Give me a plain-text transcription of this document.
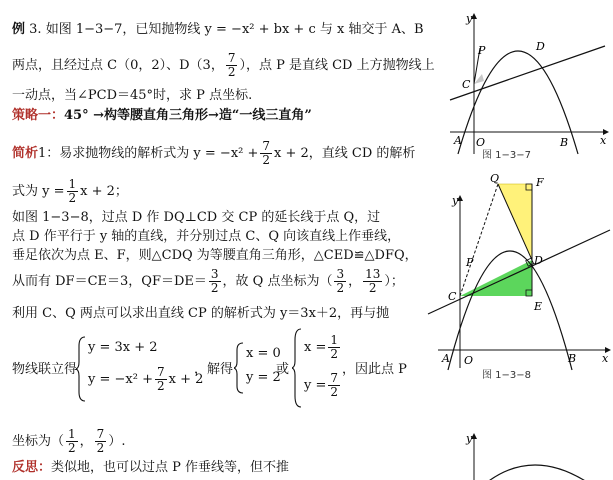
例 3. 如图 1−3−7，已知抛物线 y = −x² + bx + c 与 x 轴交于 A、B
两点，且经过点 C（0，2）、D（3， $\frac{7}{2}$ ），点 P 是直线 CD 上方抛物线上
一动点，当∠PCD＝45°时，求 P 点坐标.
策略一：45° →构等腰直角三角形→造“一线三直角”
简析1：易求抛物线的解析式为 $y = -x^2 + \frac{7}{2}$ x + 2，直线 CD 的解析
式为 $y = \frac{1}{2}$ x + 2；
如图 1−3−8，过点 D 作 DQ⊥CD 交 CP 的延长线于点 Q，过
点 D 作平行于 y 轴的直线，并分别过点 C、Q 向该直线上作垂线，
垂足依次为点 E、F，则△CDQ 为等腰直角三角形，△CED≌△DFQ，
从而有 DF＝CE＝3，$QF=DE= \frac{3}{2}$ ，故 Q 点坐标为（ $\frac{3}{2}$ ， $\frac{13}{2}$ ）；
利用 C、Q 两点可以求出直线 CP 的解析式为 y＝3x＋2，再与抛
物线联立得
y = 3x + 2
$y = -x^2 + \frac{7}{2}$ x + 2
，解得
x = 0
y = 2
或
$x = \frac{1}{2}$
$y = \frac{7}{2}$
，因此点 P
坐标为（ $\frac{1}{2}$ ， $\frac{7}{2}$ ）.
反思：类似地，也可以过点 P 作垂线等，但不推
y
x
O
A	B
C
P	D
图 1−3−7
y
x
O
A	B
C
P	D
Q	F
E
图 1−3−8
y
